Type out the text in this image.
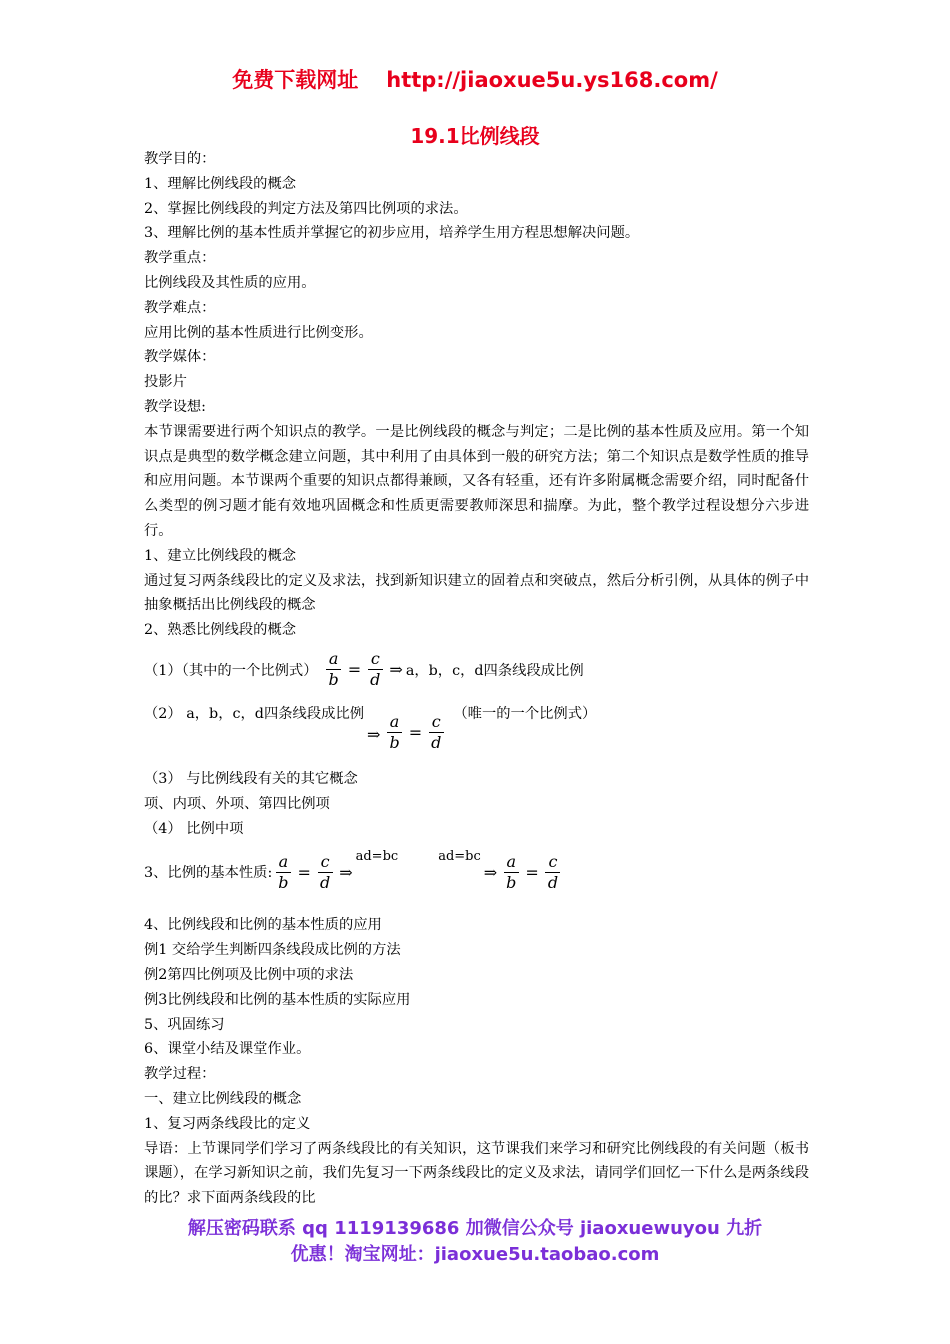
免费下载网址 http://jiaoxue5u.ys168.com/
19.1比例线段
教学目的：
1、理解比例线段的概念
2、掌握比例线段的判定方法及第四比例项的求法。
3、理解比例的基本性质并掌握它的初步应用，培养学生用方程思想解决问题。
教学重点：
比例线段及其性质的应用。
教学难点：
应用比例的基本性质进行比例变形。
教学媒体：
投影片
教学设想:
本节课需要进行两个知识点的教学。一是比例线段的概念与判定；二是比例的基本性质及应用。第一个知识点是典型的数学概念建立问题，其中利用了由具体到一般的研究方法；第二个知识点是数学性质的推导和应用问题。本节课两个重要的知识点都得兼顾，又各有轻重，还有许多附属概念需要介绍，同时配备什么类型的例习题才能有效地巩固概念和性质更需要教师深思和揣摩。为此，整个教学过程设想分六步进行。
1、建立比例线段的概念
通过复习两条线段比的定义及求法，找到新知识建立的固着点和突破点，然后分析引例，从具体的例子中抽象概括出比例线段的概念
2、熟悉比例线段的概念
（1）（其中的一个比例式） $\frac{a}{b} = \frac{c}{d}$ ⇒ a，b，c，d四条线段成比例
（2） a，b，c，d四条线段成比例
⇒ $\frac{a}{b} = \frac{c}{d}$ （唯一的一个比例式）
（3） 与比例线段有关的其它概念
项、内项、外项、第四比例项
（4） 比例中项
3、比例的基本性质: $\frac{a}{b} = \frac{c}{d}$ ⇒
ad=bc	ad=bc
⇒ $\frac{a}{b} = \frac{c}{d}$
4、比例线段和比例的基本性质的应用
例1 交给学生判断四条线段成比例的方法
例2第四比例项及比例中项的求法
例3比例线段和比例的基本性质的实际应用
5、巩固练习
6、课堂小结及课堂作业。
教学过程：
一、建立比例线段的概念
1、复习两条线段比的定义
导语：上节课同学们学习了两条线段比的有关知识，这节课我们来学习和研究比例线段的有关问题（板书课题），在学习新知识之前，我们先复习一下两条线段比的定义及求法，请同学们回忆一下什么是两条线段的比？求下面两条线段的比
解压密码联系 qq 1119139686 加微信公众号 jiaoxuewuyou 九折
优惠！淘宝网址：jiaoxue5u.taobao.com
